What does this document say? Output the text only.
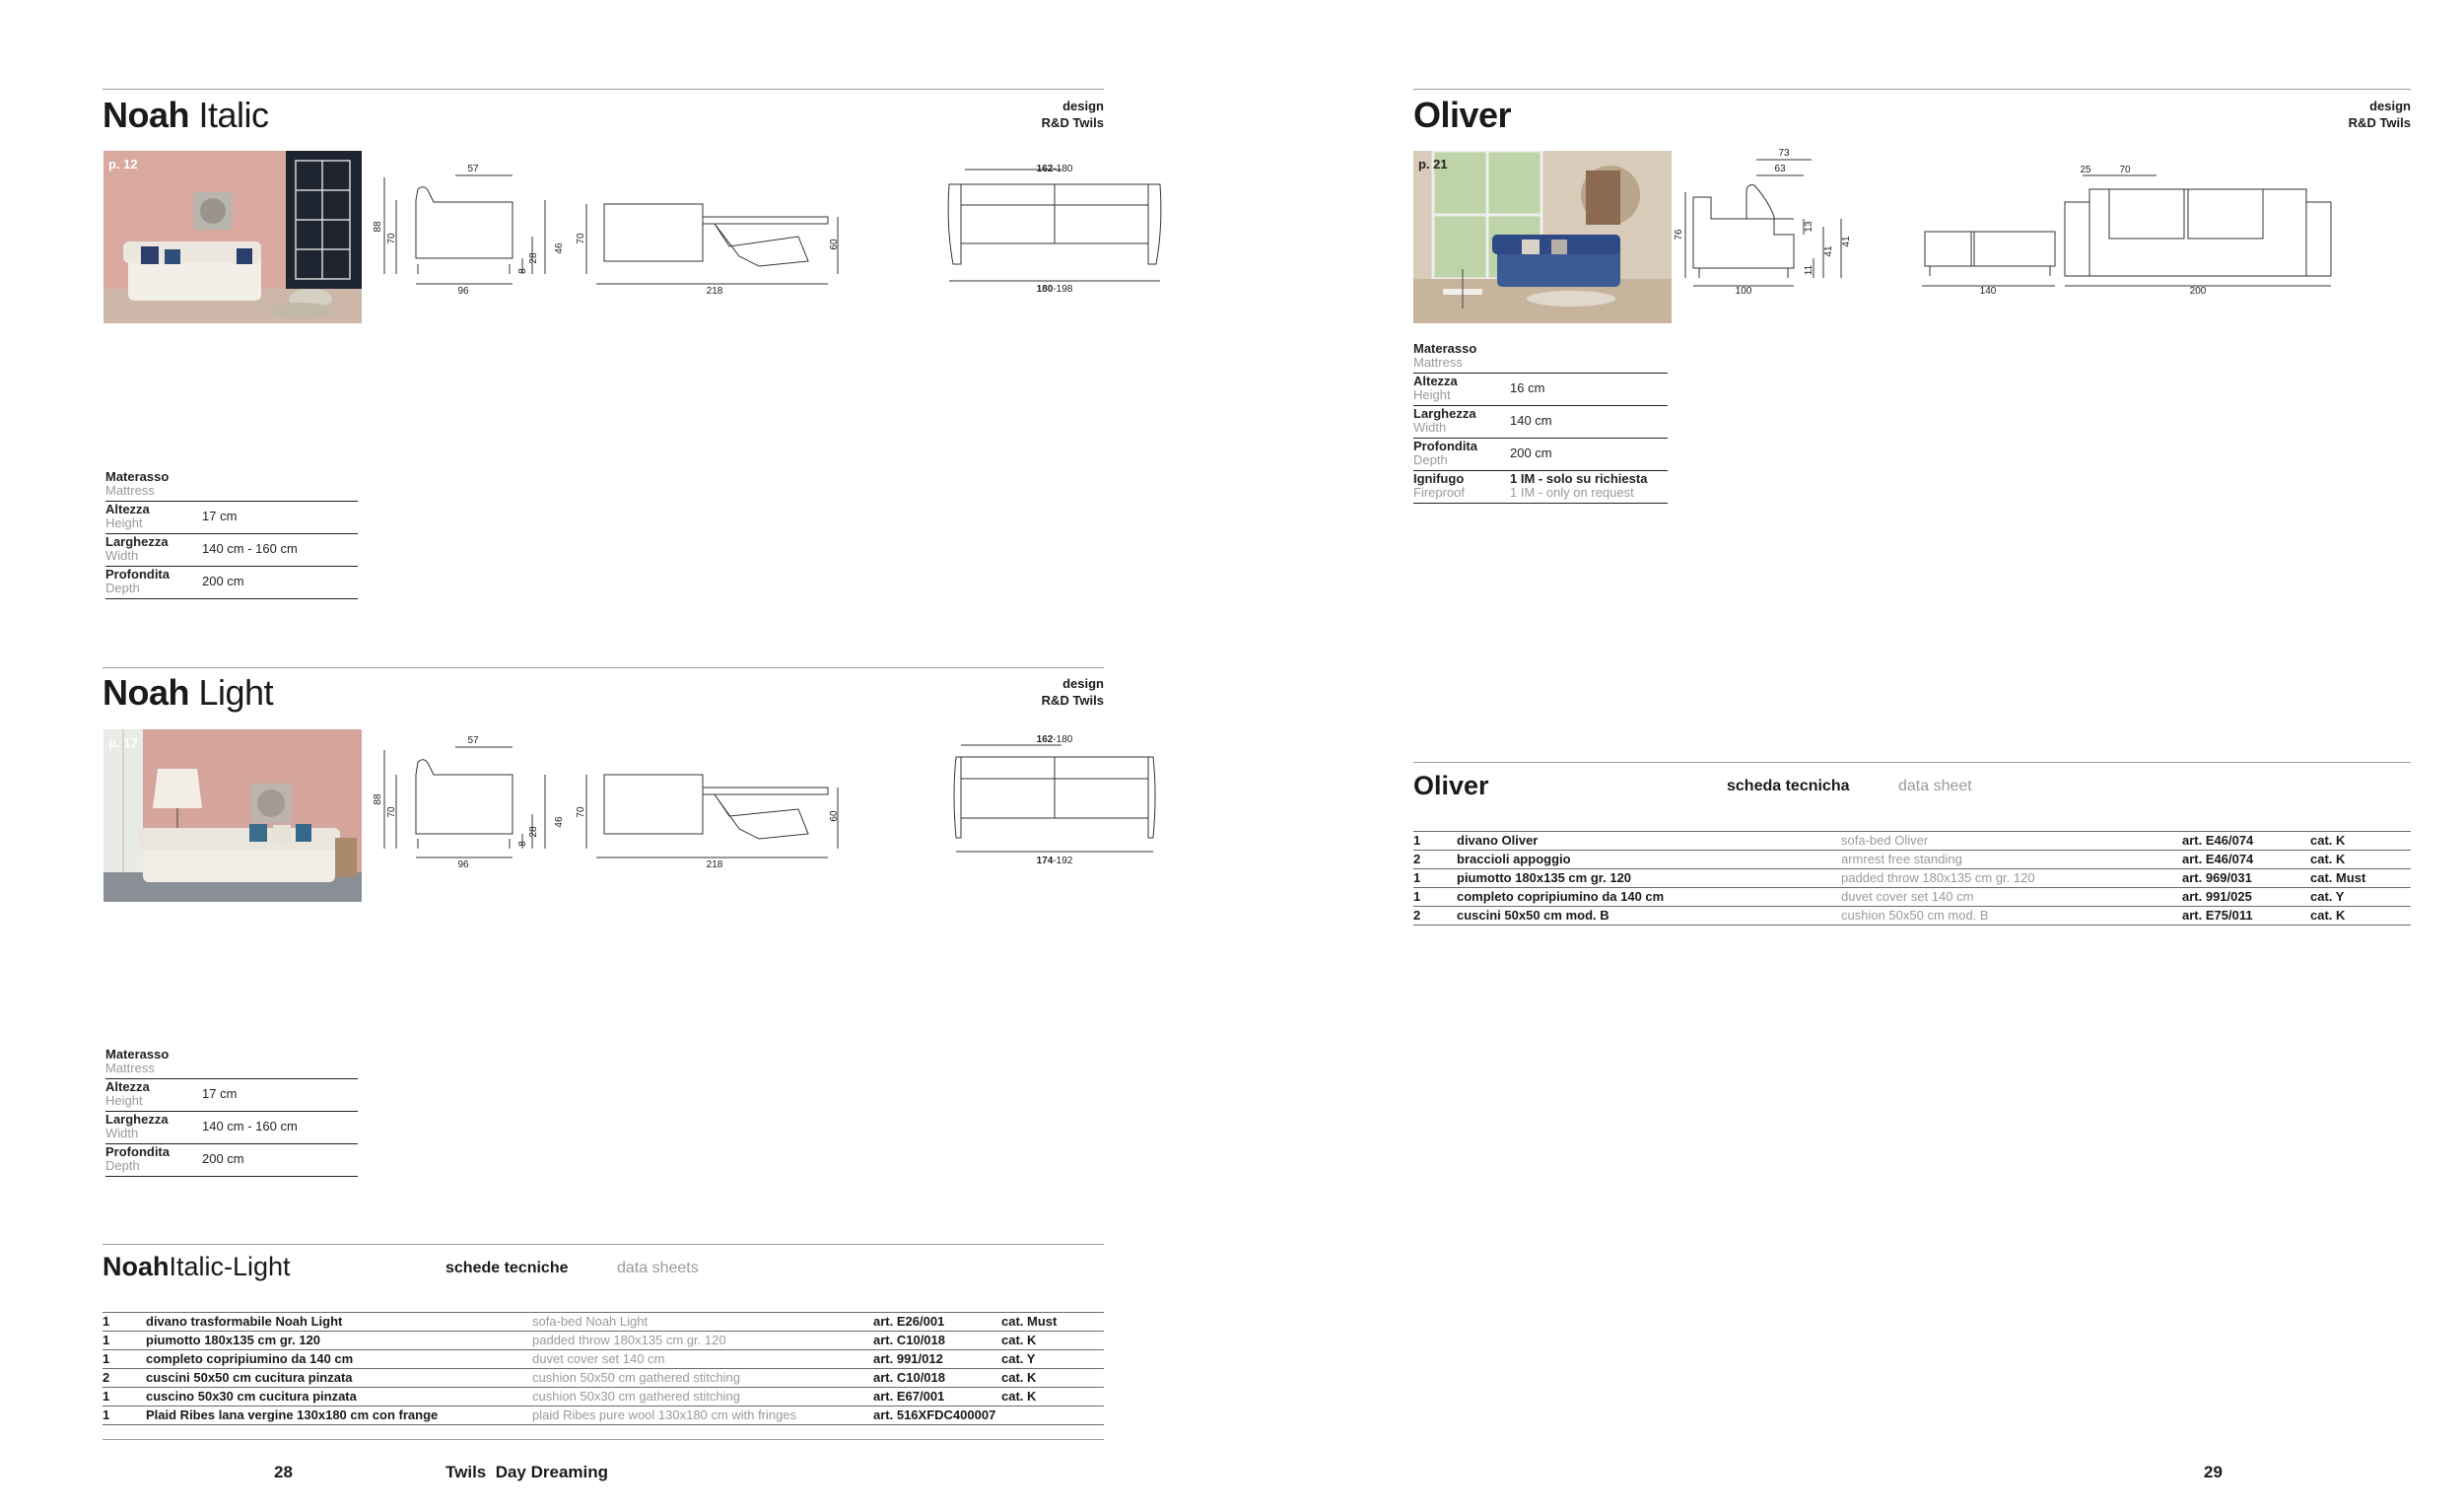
Noah Italic	design
R&D Twils
p. 12	57
88
70
96
8
28
46
70
218
60
162-180
180-198
Materasso
Mattress	

Altezza
Height	17 cm

Larghezza
Width	140 cm - 160 cm

Profondita
Depth	200 cm
Noah Light	design
R&D Twils
p. 17	57
88
70
96
8
28
46
70
218
60
162-180
174-192
Materasso
Mattress	

Altezza
Height	17 cm

Larghezza
Width	140 cm - 160 cm

Profondita
Depth	200 cm
NoahItalic-Light	schede tecniche	data sheets
1	divano trasformabile Noah Light	sofa-bed Noah Light	art. E26/001	cat. Must
1	piumotto 180x135 cm gr. 120	padded throw 180x135 cm gr. 120	art. C10/018	cat. K
1	completo copripiumino da 140 cm	duvet cover set 140 cm	art. 991/012	cat. Y
2	cuscini 50x50 cm cucitura pinzata	cushion 50x50 cm gathered stitching	art. C10/018	cat. K
1	cuscino 50x30 cm cucitura pinzata	cushion 50x30 cm gathered stitching	art. E67/001	cat. K
1	Plaid Ribes lana vergine 130x180 cm con frange	plaid Ribes pure wool 130x180 cm with fringes	art. 516XFDC400007	
28	Twils Day Dreaming
Oliver	design
R&D Twils
p. 21
73
63
76
13
11
41
41
100	140
25	70
200
Materasso
Mattress	

Altezza
Height	16 cm

Larghezza
Width	140 cm

Profondita
Depth	200 cm

Ignifugo
Fireproof	1 IM - solo su richiesta
1 IM - only on request
Oliver	scheda tecnicha	data sheet
1	divano Oliver	sofa-bed Oliver	art. E46/074	cat. K
2	braccioli appoggio	armrest free standing	art. E46/074	cat. K
1	piumotto 180x135 cm gr. 120	padded throw 180x135 cm gr. 120	art. 969/031	cat. Must
1	completo copripiumino da 140 cm	duvet cover set 140 cm	art. 991/025	cat. Y
2	cuscini 50x50 cm mod. B	cushion 50x50 cm mod. B	art. E75/011	cat. K
29
